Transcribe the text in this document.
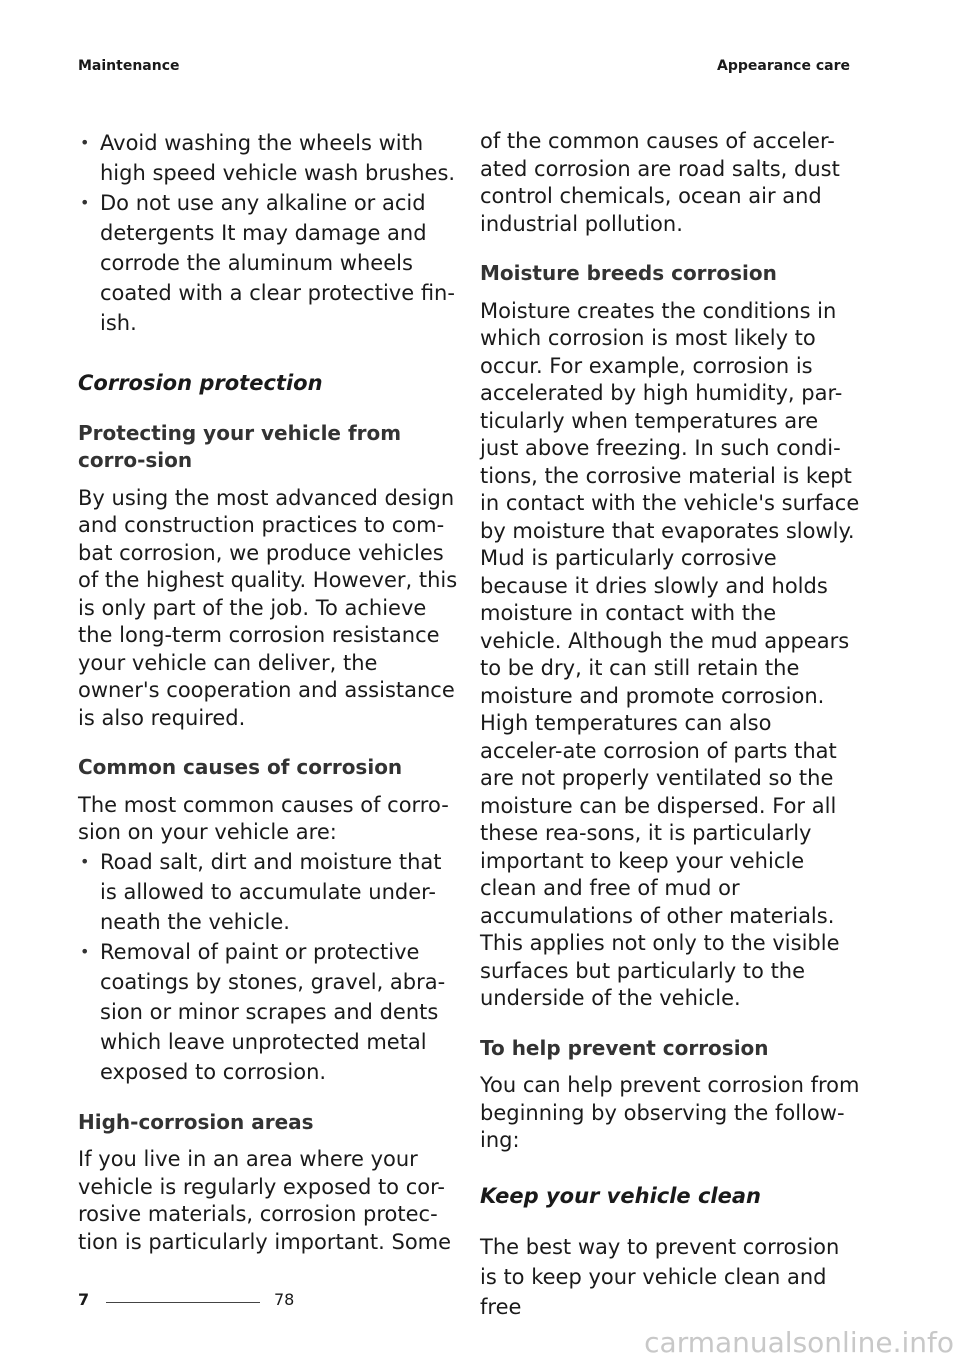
Maintenance	Appearance care
• Avoid washing the wheels with high speed vehicle wash brushes.
• Do not use any alkaline or acid detergents It may damage and corrode the aluminum wheels coated with a clear protective fin-ish.
Corrosion protection
Protecting your vehicle from corro-sion

By using the most advanced design and construction practices to com-bat corrosion, we produce vehicles of the highest quality. However, this is only part of the job. To achieve the long-term corrosion resistance your vehicle can deliver, the owner's cooperation and assistance is also required.

Common causes of corrosion

The most common causes of corro-sion on your vehicle are:

• Road salt, dirt and moisture that is allowed to accumulate under-neath the vehicle.
• Removal of paint or protective coatings by stones, gravel, abra-sion or minor scrapes and dents which leave unprotected metal exposed to corrosion.
High-corrosion areas

If you live in an area where your vehicle is regularly exposed to cor-rosive materials, corrosion protec-tion is particularly important. Some

of the common causes of acceler-ated corrosion are road salts, dust control chemicals, ocean air and industrial pollution.

Moisture breeds corrosion

Moisture creates the conditions in which corrosion is most likely to occur. For example, corrosion is accelerated by high humidity, par-ticularly when temperatures are just above freezing. In such condi-tions, the corrosive material is kept in contact with the vehicle's surface by moisture that evaporates slowly. Mud is particularly corrosive because it dries slowly and holds moisture in contact with the vehicle. Although the mud appears to be dry, it can still retain the moisture and promote corrosion.

High temperatures can also acceler-ate corrosion of parts that are not properly ventilated so the moisture can be dispersed. For all these rea-sons, it is particularly important to keep your vehicle clean and free of mud or accumulations of other materials. This applies not only to the visible surfaces but particularly to the underside of the vehicle.

To help prevent corrosion

You can help prevent corrosion from beginning by observing the follow-ing:

Keep your vehicle clean

The best way to prevent corrosion is to keep your vehicle clean and free

7	78
carmanualsonline.info
